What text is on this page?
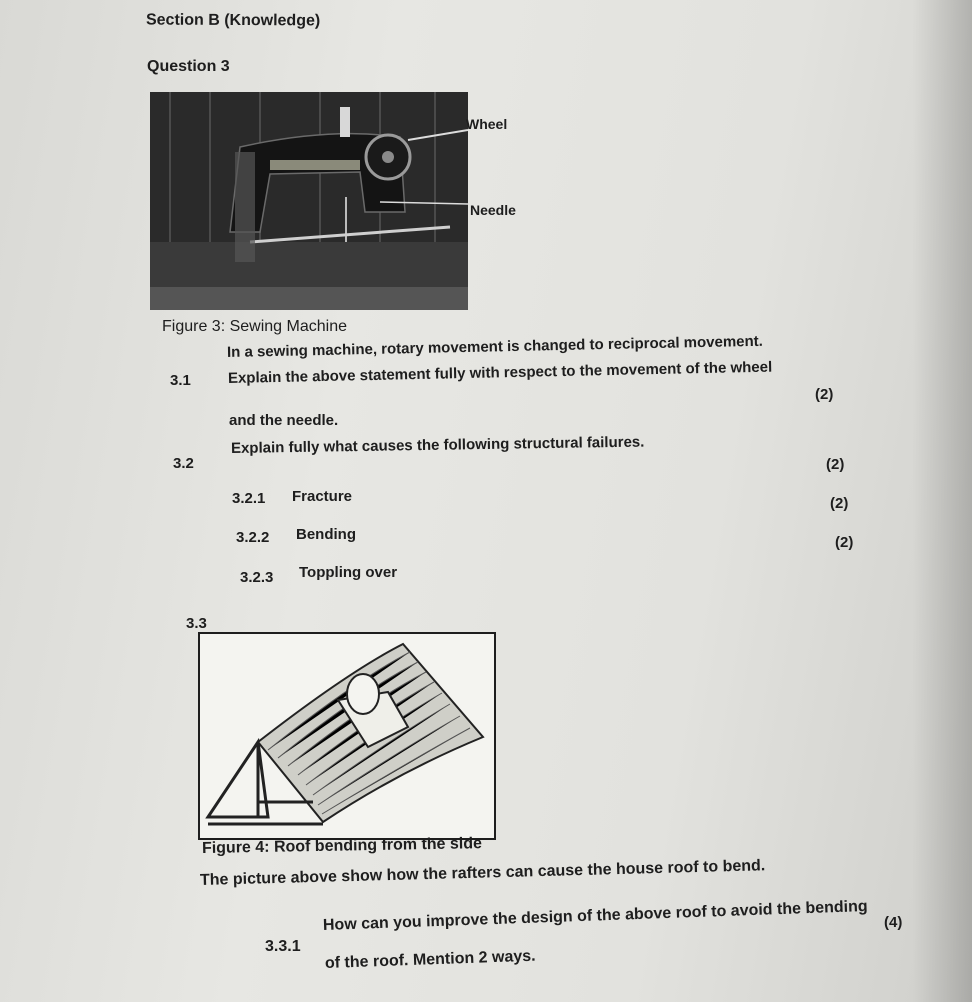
Section B (Knowledge)
Question 3
Wheel
Needle
Figure 3: Sewing Machine
3.1
In a sewing machine, rotary movement is changed to reciprocal movement.
Explain the above statement fully with respect to the movement of the wheel
and the needle.
(2)
3.2
Explain fully what causes the following structural failures.
3.2.1 Fracture
(2)
3.2.2 Bending
(2)
3.2.3 Toppling over
(2)
3.3
Figure 4: Roof bending from the side
The picture above show how the rafters can cause the house roof to bend.
3.3.1
How can you improve the design of the above roof to avoid the bending
of the roof. Mention 2 ways.
(4)
